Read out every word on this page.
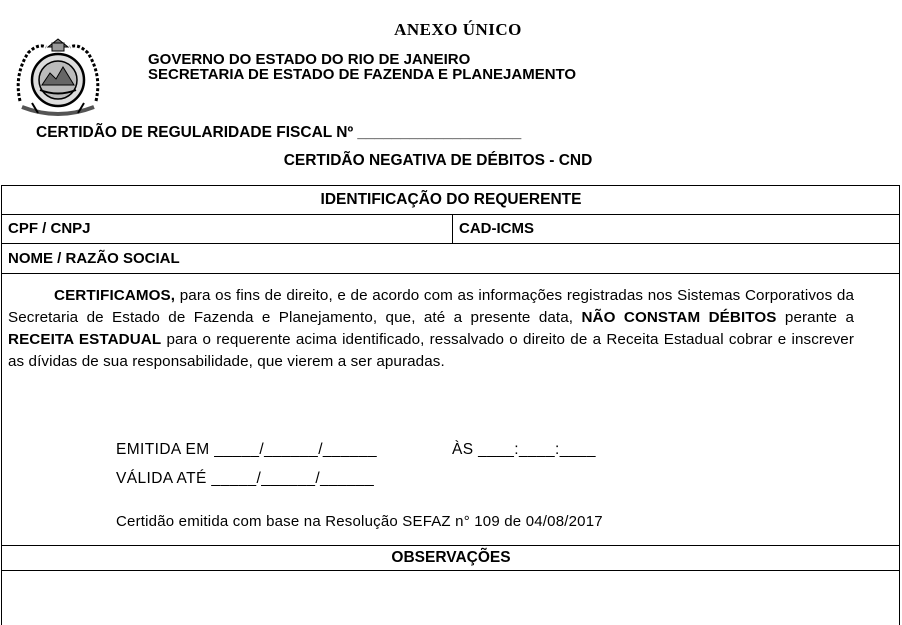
ANEXO ÚNICO
GOVERNO DO ESTADO DO RIO DE JANEIRO
SECRETARIA DE ESTADO DE FAZENDA E PLANEJAMENTO
CERTIDÃO DE REGULARIDADE FISCAL Nº ___________________
CERTIDÃO NEGATIVA DE DÉBITOS - CND
IDENTIFICAÇÃO DO REQUERENTE
CPF / CNPJ	CAD-ICMS
NOME / RAZÃO SOCIAL
CERTIFICAMOS, para os fins de direito, e de acordo com as informações registradas nos Sistemas Corporativos da Secretaria de Estado de Fazenda e Planejamento, que, até a presente data, NÃO CONSTAM DÉBITOS perante a RECEITA ESTADUAL para o requerente acima identificado, ressalvado o direito de a Receita Estadual cobrar e inscrever as dívidas de sua responsabilidade, que vierem a ser apuradas.
EMITIDA EM _____/______/______	ÀS ____:____:____
VÁLIDA ATÉ _____/______/______
Certidão emitida com base na Resolução SEFAZ n° 109 de 04/08/2017
OBSERVAÇÕES
